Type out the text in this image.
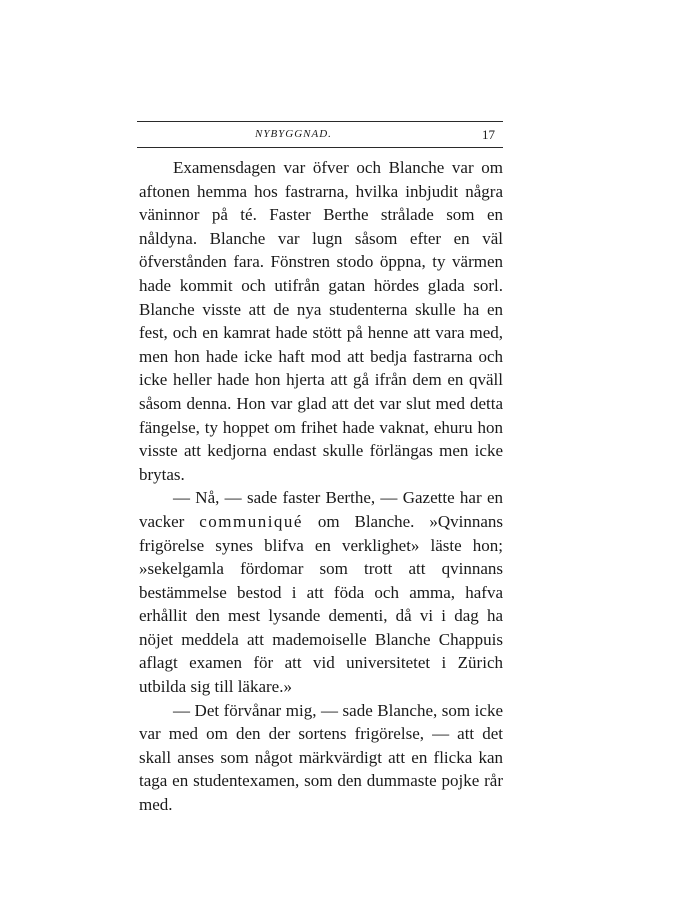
NYBYGGNAD.	17

Examensdagen var öfver och Blanche var om aftonen hemma hos fastrarna, hvilka inbjudit några väninnor på té. Faster Berthe strålade som en nåldyna. Blanche var lugn såsom efter en väl öfverstånden fara. Fönstren stodo öppna, ty värmen hade kommit och utifrån gatan hördes glada sorl. Blanche visste att de nya studenterna skulle ha en fest, och en kamrat hade stött på henne att vara med, men hon hade icke haft mod att bedja fastrarna och icke heller hade hon hjerta att gå ifrån dem en qväll såsom denna. Hon var glad att det var slut med detta fängelse, ty hoppet om frihet hade vaknat, ehuru hon visste att kedjorna endast skulle förlängas men icke brytas.

— Nå, — sade faster Berthe, — Gazette har en vacker communiqué om Blanche. »Qvinnans frigörelse synes blifva en verklighet» läste hon; »sekelgamla fördomar som trott att qvinnans bestämmelse bestod i att föda och amma, hafva erhållit den mest lysande dementi, då vi i dag ha nöjet meddela att mademoiselle Blanche Chappuis aflagt examen för att vid universitetet i Zürich utbilda sig till läkare.»

— Det förvånar mig, — sade Blanche, som icke var med om den der sortens frigörelse, — att det skall anses som något märkvärdigt att en flicka kan taga en studentexamen, som den dummaste pojke rår med.
